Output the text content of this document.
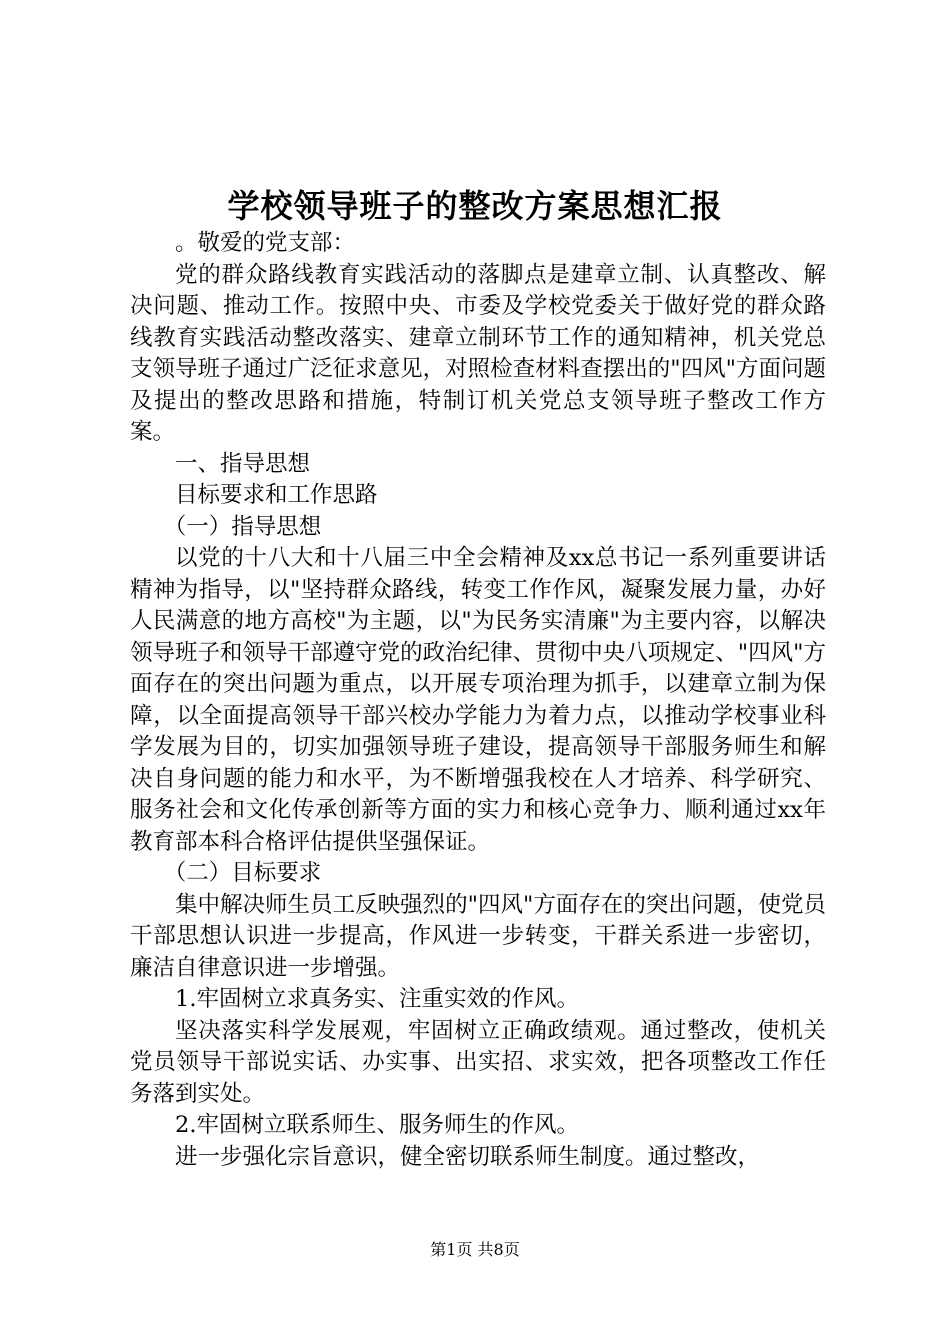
学校领导班子的整改方案思想汇报

。敬爱的党支部：

党的群众路线教育实践活动的落脚点是建章立制、认真整改、解决问题、推动工作。按照中央、市委及学校党委关于做好党的群众路线教育实践活动整改落实、建章立制环节工作的通知精神，机关党总支领导班子通过广泛征求意见，对照检查材料查摆出的"四风"方面问题及提出的整改思路和措施，特制订机关党总支领导班子整改工作方案。

一、指导思想

目标要求和工作思路

（一）指导思想

以党的十八大和十八届三中全会精神及xx总书记一系列重要讲话精神为指导，以"坚持群众路线，转变工作作风，凝聚发展力量，办好人民满意的地方高校"为主题，以"为民务实清廉"为主要内容，以解决领导班子和领导干部遵守党的政治纪律、贯彻中央八项规定、"四风"方面存在的突出问题为重点，以开展专项治理为抓手，以建章立制为保障，以全面提高领导干部兴校办学能力为着力点，以推动学校事业科学发展为目的，切实加强领导班子建设，提高领导干部服务师生和解决自身问题的能力和水平，为不断增强我校在人才培养、科学研究、服务社会和文化传承创新等方面的实力和核心竞争力、顺利通过xx年教育部本科合格评估提供坚强保证。

（二）目标要求

集中解决师生员工反映强烈的"四风"方面存在的突出问题，使党员干部思想认识进一步提高，作风进一步转变，干群关系进一步密切，廉洁自律意识进一步增强。

1.牢固树立求真务实、注重实效的作风。

坚决落实科学发展观，牢固树立正确政绩观。通过整改，使机关党员领导干部说实话、办实事、出实招、求实效，把各项整改工作任务落到实处。

2.牢固树立联系师生、服务师生的作风。

进一步强化宗旨意识，健全密切联系师生制度。通过整改，

第1页 共8页
